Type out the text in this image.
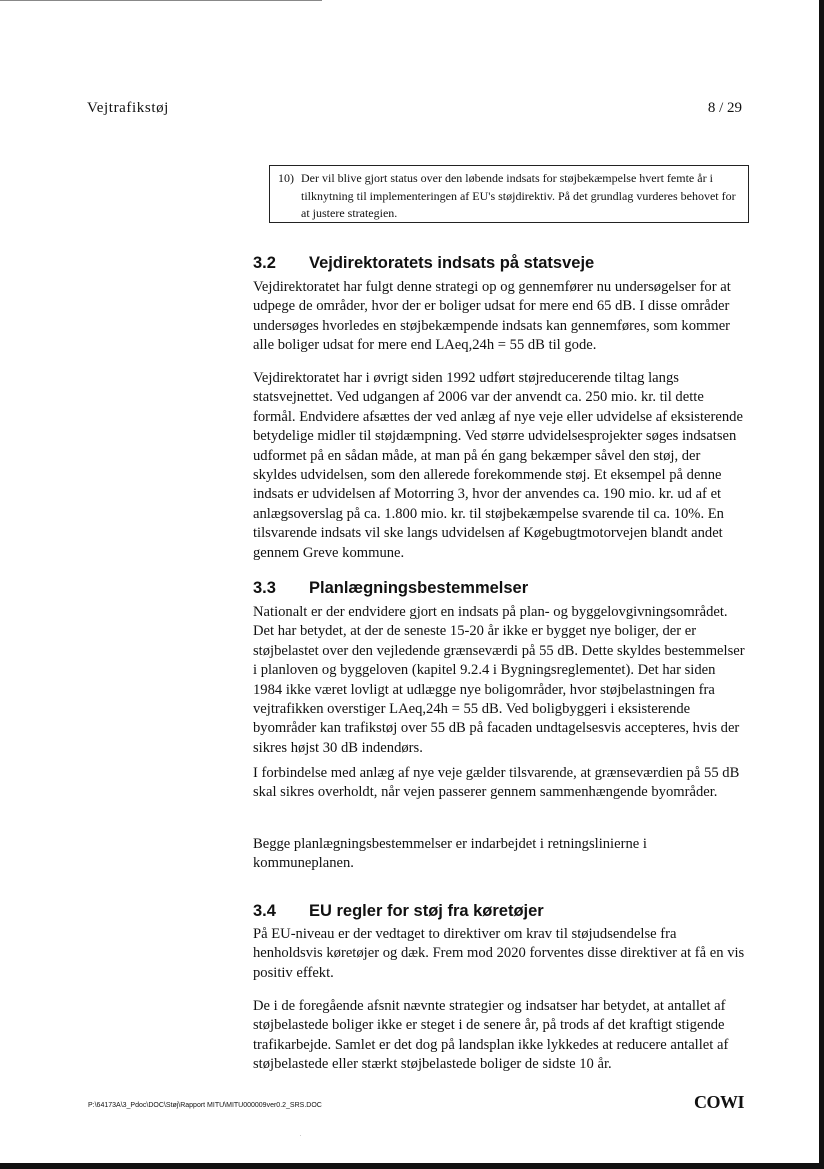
Vejtrafikstøj	8 / 29
10) Der vil blive gjort status over den løbende indsats for støjbekæmpelse hvert femte år i tilknytning til implementeringen af EU's støjdirektiv. På det grundlag vurderes behovet for at justere strategien.
3.2 Vejdirektoratets indsats på statsveje
Vejdirektoratet har fulgt denne strategi op og gennemfører nu undersøgelser for at udpege de områder, hvor der er boliger udsat for mere end 65 dB. I disse områder undersøges hvorledes en støjbekæmpende indsats kan gennemføres, som kommer alle boliger udsat for mere end LAeq,24h = 55 dB til gode.
Vejdirektoratet har i øvrigt siden 1992 udført støjreducerende tiltag langs statsvejnettet. Ved udgangen af 2006 var der anvendt ca. 250 mio. kr. til dette formål. Endvidere afsættes der ved anlæg af nye veje eller udvidelse af eksisterende betydelige midler til støjdæmpning. Ved større udvidelsesprojekter søges indsatsen udformet på en sådan måde, at man på én gang bekæmper såvel den støj, der skyldes udvidelsen, som den allerede forekommende støj. Et eksempel på denne indsats er udvidelsen af Motorring 3, hvor der anvendes ca. 190 mio. kr. ud af et anlægsoverslag på ca. 1.800 mio. kr. til støjbekæmpelse svarende til ca. 10%. En tilsvarende indsats vil ske langs udvidelsen af Køgebugtmotorvejen blandt andet gennem Greve kommune.
3.3 Planlægningsbestemmelser
Nationalt er der endvidere gjort en indsats på plan- og byggelovgivningsområdet. Det har betydet, at der de seneste 15-20 år ikke er bygget nye boliger, der er støjbelastet over den vejledende grænseværdi på 55 dB. Dette skyldes bestemmelser i planloven og byggeloven (kapitel 9.2.4 i Bygningsreglementet). Det har siden 1984 ikke været lovligt at udlægge nye boligområder, hvor støjbelastningen fra vejtrafikken overstiger LAeq,24h = 55 dB. Ved boligbyggeri i eksisterende byområder kan trafikstøj over 55 dB på facaden undtagelsesvis accepteres, hvis der sikres højst 30 dB indendørs.
I forbindelse med anlæg af nye veje gælder tilsvarende, at grænseværdien på 55 dB skal sikres overholdt, når vejen passerer gennem sammenhængende byområder.
Begge planlægningsbestemmelser er indarbejdet i retningslinierne i kommuneplanen.
3.4 EU regler for støj fra køretøjer
På EU-niveau er der vedtaget to direktiver om krav til støjudsendelse fra henholdsvis køretøjer og dæk. Frem mod 2020 forventes disse direktiver at få en vis positiv effekt.
De i de foregående afsnit nævnte strategier og indsatser har betydet, at antallet af støjbelastede boliger ikke er steget i de senere år, på trods af det kraftigt stigende trafikarbejde. Samlet er det dog på landsplan ikke lykkedes at reducere antallet af støjbelastede eller stærkt støjbelastede boliger de sidste 10 år.
P:\64173A\3_Pdoc\DOC\Støj\Rapport MITU\MITU000009ver0.2_SRS.DOC	COWI
